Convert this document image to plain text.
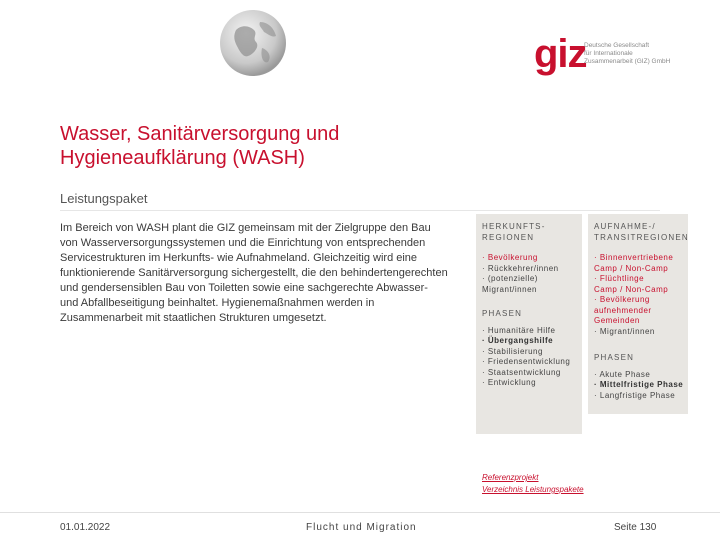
giz
Deutsche Gesellschaft
für Internationale
Zusammenarbeit (GIZ) GmbH
Wasser, Sanitärversorgung und Hygieneaufklärung (WASH)
Leistungspaket
Im Bereich von WASH plant die GIZ gemeinsam mit der Zielgruppe den Bau von Wasserversorgungssystemen und die Einrichtung von entsprechenden Servicestrukturen im Herkunfts- wie Aufnahmeland. Gleichzeitig wird eine funktionierende Sanitärversorgung sichergestellt, die den behindertengerechten und gendersensiblen Bau von Toiletten sowie eine sachgerechte Abwasser- und Abfallbeseitigung beinhaltet. Hygienemaßnahmen werden in Zusammenarbeit mit staatlichen Strukturen umgesetzt.
HERKUNFTS-REGIONEN
· Bevölkerung
· Rückkehrer/innen
· (potenzielle)
Migrant/innen
PHASEN
· Humanitäre Hilfe
· Übergangshilfe
· Stabilisierung
· Friedensentwicklung
· Staatsentwicklung
· Entwicklung
AUFNAHME-/ TRANSITREGIONEN
· Binnenvertriebene
Camp / Non-Camp
· Flüchtlinge
Camp / Non-Camp
· Bevölkerung
aufnehmender
Gemeinden
· Migrant/innen
PHASEN
· Akute Phase
· Mittelfristige Phase
· Langfristige Phase
Referenzprojekt
Verzeichnis Leistungspakete
01.01.2022	Flucht und Migration	Seite 130
